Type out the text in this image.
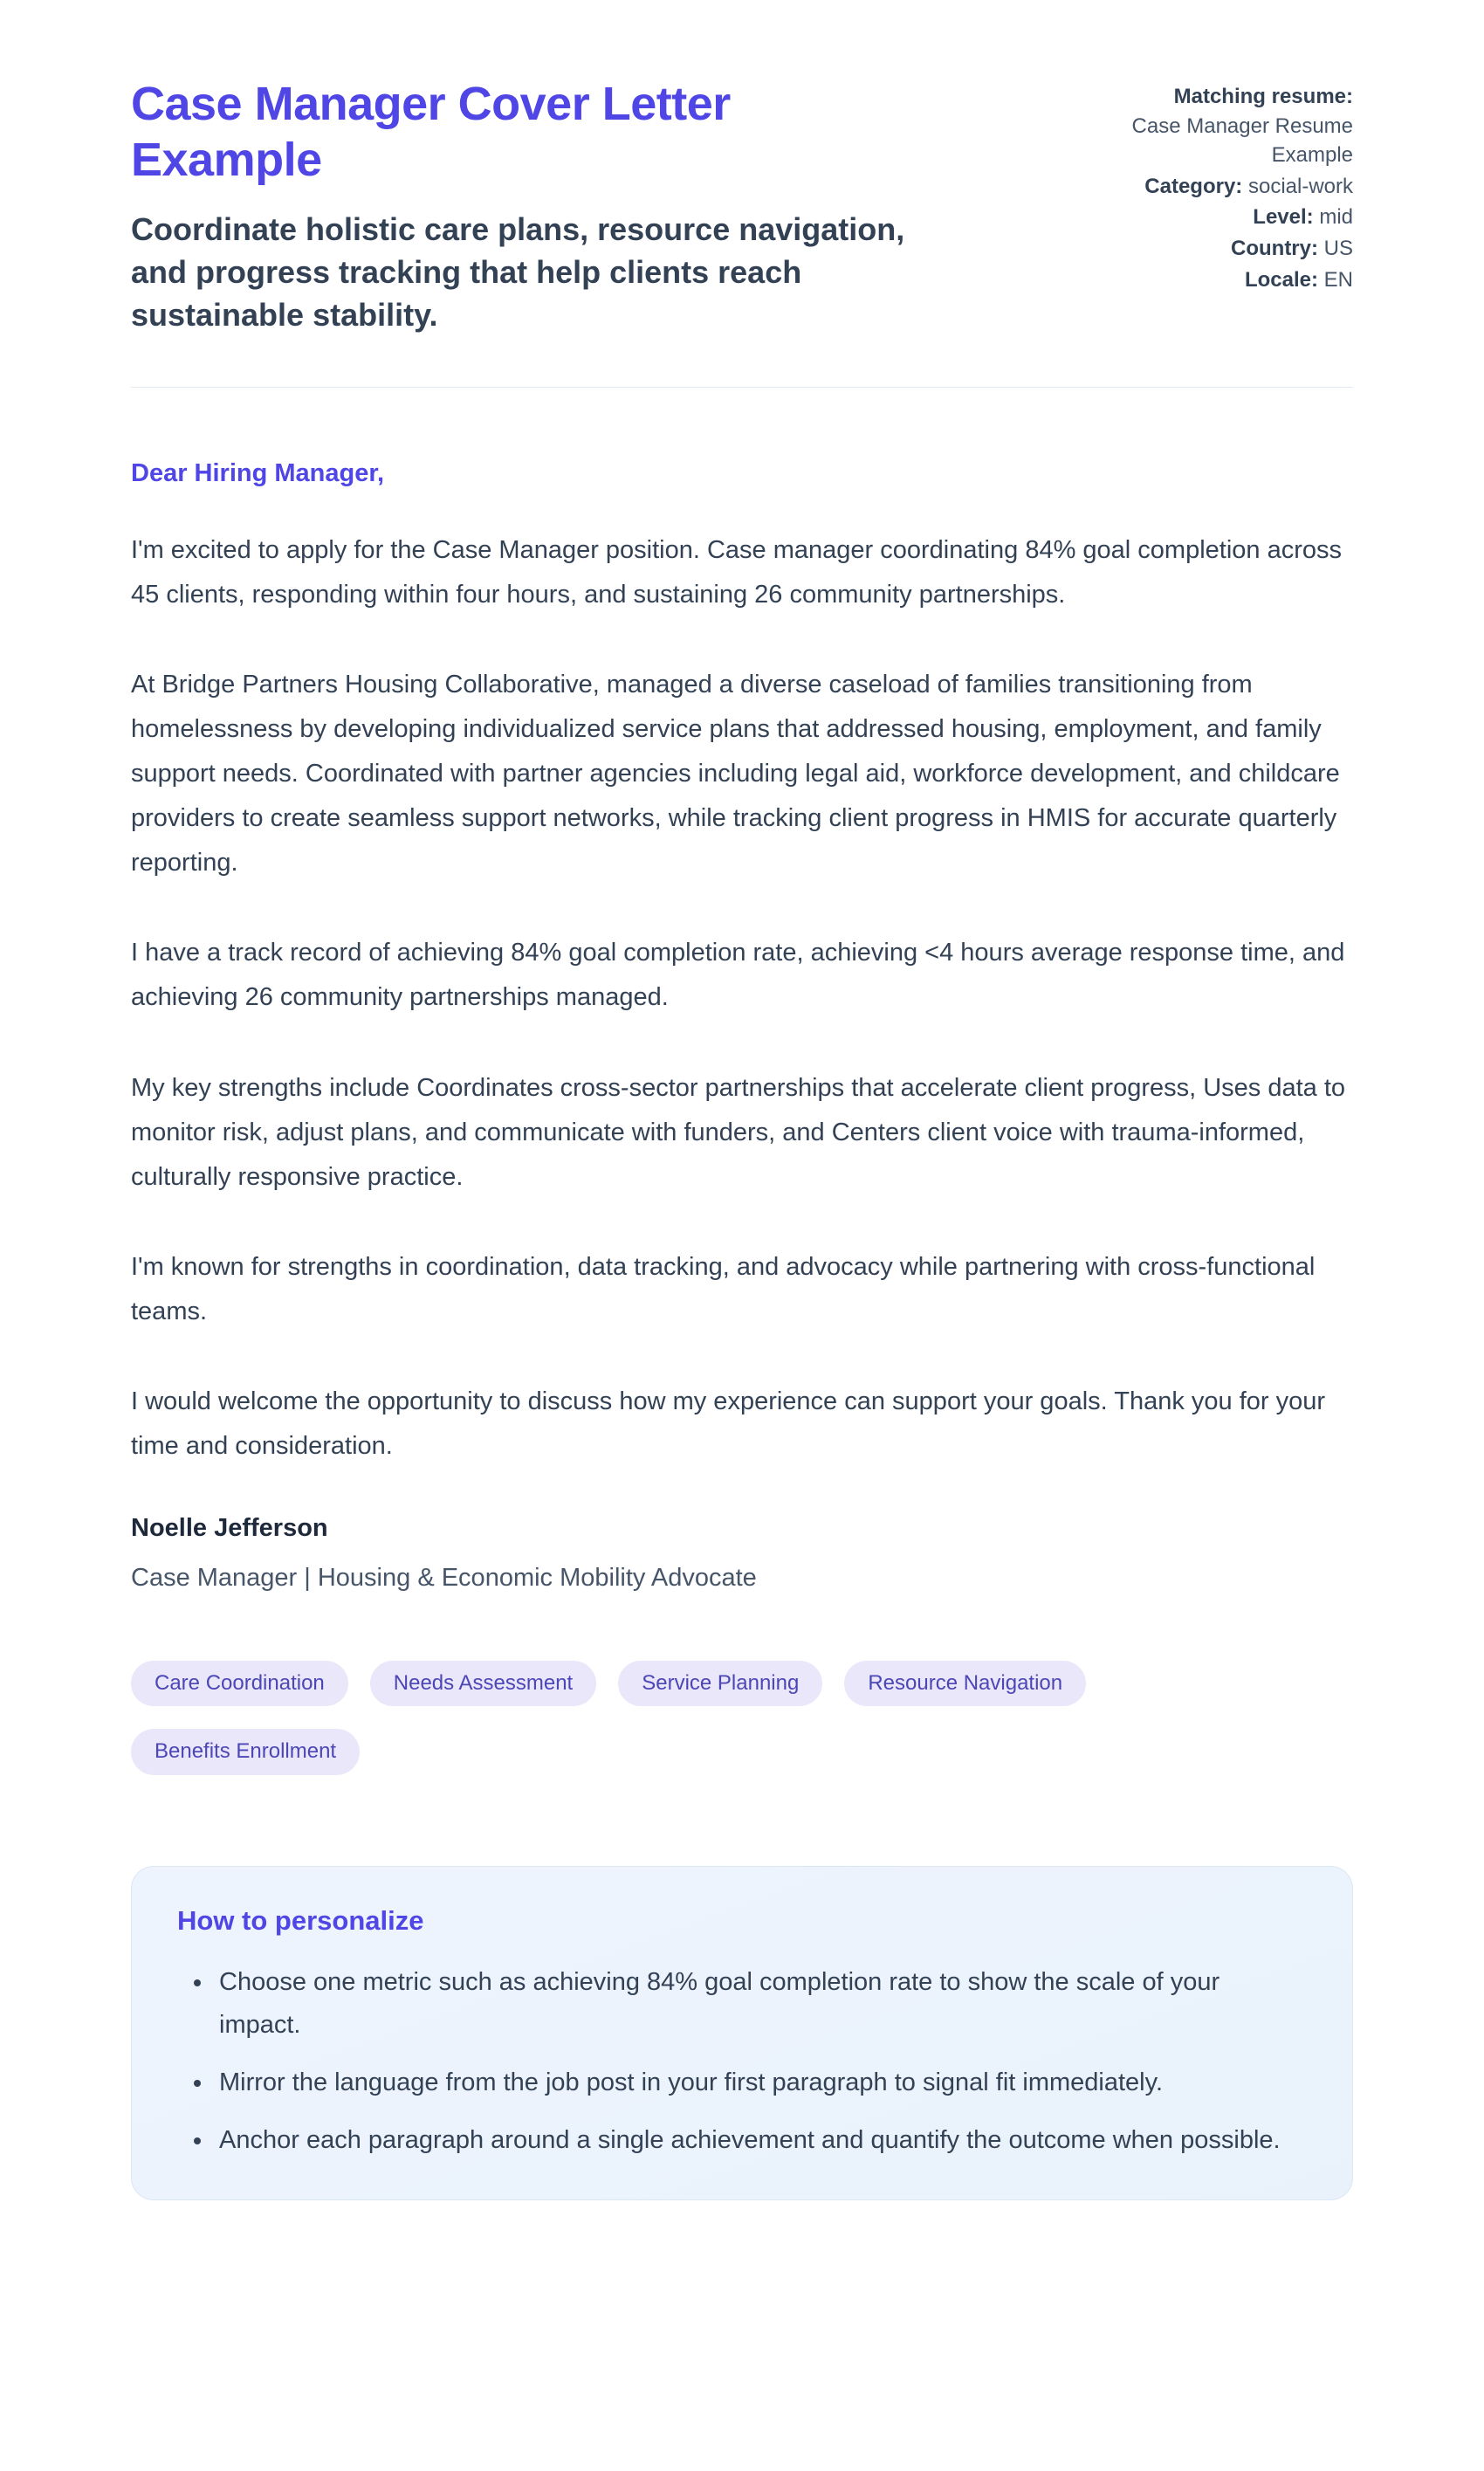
Case Manager Cover Letter Example

Coordinate holistic care plans, resource navigation, and progress tracking that help clients reach sustainable stability.

Matching resume:
Case Manager Resume Example
Category: social-work
Level: mid
Country: US
Locale: EN

Dear Hiring Manager,

I'm excited to apply for the Case Manager position. Case manager coordinating 84% goal completion across 45 clients, responding within four hours, and sustaining 26 community partnerships.

At Bridge Partners Housing Collaborative, managed a diverse caseload of families transitioning from homelessness by developing individualized service plans that addressed housing, employment, and family support needs. Coordinated with partner agencies including legal aid, workforce development, and childcare providers to create seamless support networks, while tracking client progress in HMIS for accurate quarterly reporting.

I have a track record of achieving 84% goal completion rate, achieving <4 hours average response time, and achieving 26 community partnerships managed.

My key strengths include Coordinates cross-sector partnerships that accelerate client progress, Uses data to monitor risk, adjust plans, and communicate with funders, and Centers client voice with trauma-informed, culturally responsive practice.

I'm known for strengths in coordination, data tracking, and advocacy while partnering with cross-functional teams.

I would welcome the opportunity to discuss how my experience can support your goals. Thank you for your time and consideration.

Noelle Jefferson

Case Manager | Housing & Economic Mobility Advocate

Care Coordination	Needs Assessment	Service Planning	Resource Navigation
Benefits Enrollment
How to personalize
• Choose one metric such as achieving 84% goal completion rate to show the scale of your impact.
• Mirror the language from the job post in your first paragraph to signal fit immediately.
• Anchor each paragraph around a single achievement and quantify the outcome when possible.
